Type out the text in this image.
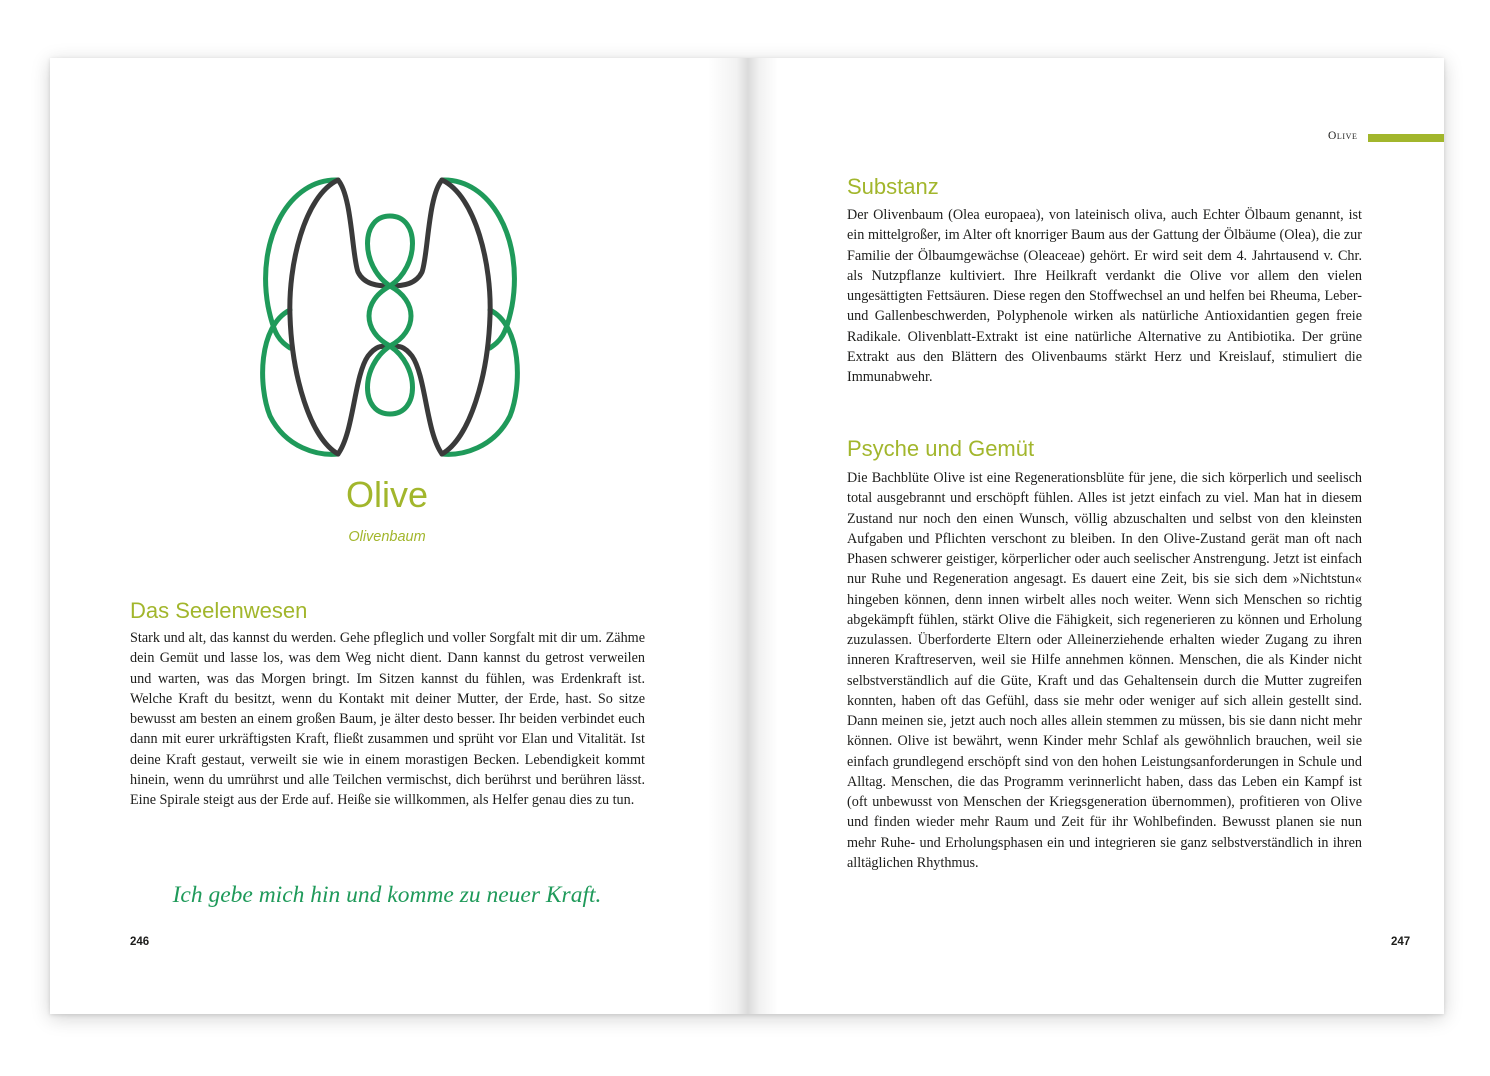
Olive

Olivenbaum

Das Seelenwesen

Stark und alt, das kannst du werden. Gehe pfleglich und voller Sorgfalt mit dir um. Zähme dein Gemüt und lasse los, was dem Weg nicht dient. Dann kannst du getrost verweilen und warten, was das Morgen bringt. Im Sitzen kannst du fühlen, was Erdenkraft ist. Welche Kraft du besitzt, wenn du Kontakt mit deiner Mutter, der Erde, hast. So sitze bewusst am besten an einem großen Baum, je älter desto besser. Ihr beiden verbindet euch dann mit eurer urkräftigsten Kraft, fließt zusammen und sprüht vor Elan und Vitalität. Ist deine Kraft gestaut, verweilt sie wie in einem morastigen Becken. Lebendigkeit kommt hinein, wenn du umrührst und alle Teilchen vermischst, dich berührst und berühren lässt. Eine Spirale steigt aus der Erde auf. Heiße sie willkommen, als Helfer genau dies zu tun.

Ich gebe mich hin und komme zu neuer Kraft.

246

Olive
Substanz

Der Olivenbaum (Olea europaea), von lateinisch oliva, auch Echter Ölbaum genannt, ist ein mittelgroßer, im Alter oft knorriger Baum aus der Gattung der Ölbäume (Olea), die zur Familie der Ölbaumgewächse (Oleaceae) gehört. Er wird seit dem 4. Jahrtausend v. Chr. als Nutzpflanze kultiviert. Ihre Heilkraft verdankt die Olive vor allem den vielen ungesättigten Fettsäuren. Diese regen den Stoffwechsel an und helfen bei Rheuma, Leber- und Gallenbeschwerden, Polyphenole wirken als natürliche Antioxidantien gegen freie Radikale. Olivenblatt-Extrakt ist eine natürliche Alternative zu Antibiotika. Der grüne Extrakt aus den Blättern des Olivenbaums stärkt Herz und Kreislauf, stimuliert die Immunabwehr.

Psyche und Gemüt

Die Bachblüte Olive ist eine Regenerationsblüte für jene, die sich körperlich und seelisch total ausgebrannt und erschöpft fühlen. Alles ist jetzt einfach zu viel. Man hat in diesem Zustand nur noch den einen Wunsch, völlig abzuschalten und selbst von den kleinsten Aufgaben und Pflichten verschont zu bleiben. In den Olive-Zustand gerät man oft nach Phasen schwerer geistiger, körperlicher oder auch seelischer Anstrengung. Jetzt ist einfach nur Ruhe und Regeneration angesagt. Es dauert eine Zeit, bis sie sich dem »Nichtstun« hingeben können, denn innen wirbelt alles noch weiter. Wenn sich Menschen so richtig abgekämpft fühlen, stärkt Olive die Fähigkeit, sich regenerieren zu können und Erholung zuzulassen. Überforderte Eltern oder Alleinerziehende erhalten wieder Zugang zu ihren inneren Kraftreserven, weil sie Hilfe annehmen können. Menschen, die als Kinder nicht selbstverständlich auf die Güte, Kraft und das Gehaltensein durch die Mutter zugreifen konnten, haben oft das Gefühl, dass sie mehr oder weniger auf sich allein gestellt sind. Dann meinen sie, jetzt auch noch alles allein stemmen zu müssen, bis sie dann nicht mehr können. Olive ist bewährt, wenn Kinder mehr Schlaf als gewöhnlich brauchen, weil sie einfach grundlegend erschöpft sind von den hohen Leistungsanforderungen in Schule und Alltag. Menschen, die das Programm verinnerlicht haben, dass das Leben ein Kampf ist (oft unbewusst von Menschen der Kriegsgeneration übernommen), profitieren von Olive und finden wieder mehr Raum und Zeit für ihr Wohlbefinden. Bewusst planen sie nun mehr Ruhe- und Erholungsphasen ein und integrieren sie ganz selbstverständlich in ihren alltäglichen Rhythmus.

247
